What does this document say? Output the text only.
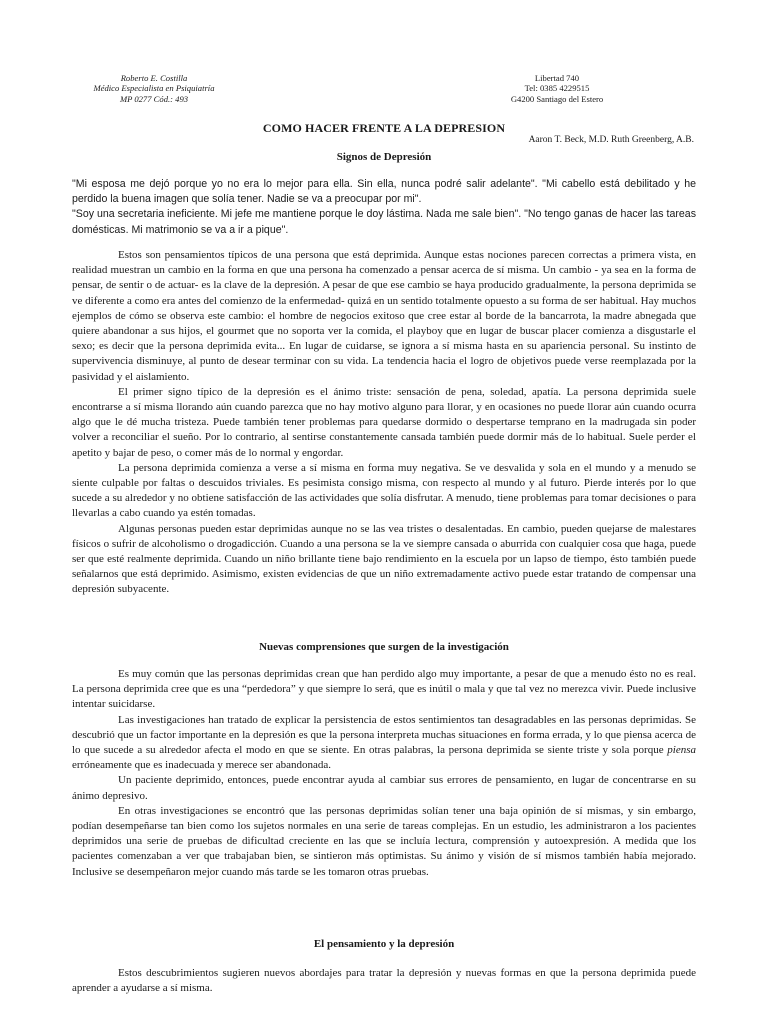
Roberto E. Costilla
Médico Especialista en Psiquiatría
MP 0277 Cód.: 493
Libertad 740
Tel: 0385 4229515
G4200 Santiago del Estero
COMO HACER FRENTE A LA DEPRESION
Aaron T. Beck, M.D. Ruth Greenberg, A.B.
Signos de Depresión

"Mi esposa me dejó porque yo no era lo mejor para ella. Sin ella, nunca podré salir adelante". "Mi cabello está debilitado y he perdido la buena imagen que solía tener. Nadie se va a preocupar por mi".

"Soy una secretaria ineficiente. Mi jefe me mantiene porque le doy lástima. Nada me sale bien". "No tengo ganas de hacer las tareas domésticas. Mi matrimonio se va a ir a pique".

Estos son pensamientos típicos de una persona que está deprimida. Aunque estas nociones parecen correctas a primera vista, en realidad muestran un cambio en la forma en que una persona ha comenzado a pensar acerca de sí misma. Un cambio - ya sea en la forma de pensar, de sentir o de actuar- es la clave de la depresión. A pesar de que ese cambio se haya producido gradualmente, la persona deprimida se ve diferente a como era antes del comienzo de la enfermedad- quizá en un sentido totalmente opuesto a su forma de ser habitual. Hay muchos ejemplos de cómo se observa este cambio: el hombre de negocios exitoso que cree estar al borde de la bancarrota, la madre abnegada que quiere abandonar a sus hijos, el gourmet que no soporta ver la comida, el playboy que en lugar de buscar placer comienza a disgustarle el sexo; es decir que la persona deprimida evita... En lugar de cuidarse, se ignora a sí misma hasta en su apariencia personal. Su instinto de supervivencia disminuye, al punto de desear terminar con su vida. La tendencia hacia el logro de objetivos puede verse reemplazada por la pasividad y el aislamiento.

El primer signo típico de la depresión es el ánimo triste: sensación de pena, soledad, apatía. La persona deprimida suele encontrarse a sí misma llorando aún cuando parezca que no hay motivo alguno para llorar, y en ocasiones no puede llorar aún cuando ocurra algo que le dé mucha tristeza. Puede también tener problemas para quedarse dormido o despertarse temprano en la madrugada sin poder volver a reconciliar el sueño. Por lo contrario, al sentirse constantemente cansada también puede dormir más de lo habitual. Suele perder el apetito y bajar de peso, o comer más de lo normal y engordar.

La persona deprimida comienza a verse a sí misma en forma muy negativa. Se ve desvalida y sola en el mundo y a menudo se siente culpable por faltas o descuidos triviales. Es pesimista consigo misma, con respecto al mundo y al futuro. Pierde interés por lo que sucede a su alrededor y no obtiene satisfacción de las actividades que solía disfrutar. A menudo, tiene problemas para tomar decisiones o para llevarlas a cabo cuando ya estén tomadas.

Algunas personas pueden estar deprimidas aunque no se las vea tristes o desalentadas. En cambio, pueden quejarse de malestares físicos o sufrir de alcoholismo o drogadicción. Cuando a una persona se la ve siempre cansada o aburrida con cualquier cosa que haga, puede ser que esté realmente deprimida. Cuando un niño brillante tiene bajo rendimiento en la escuela por un lapso de tiempo, ésto también puede señalarnos que está deprimido. Asimismo, existen evidencias de que un niño extremadamente activo puede estar tratando de compensar una depresión subyacente.

Nuevas comprensiones que surgen de la investigación

Es muy común que las personas deprimidas crean que han perdido algo muy importante, a pesar de que a menudo ésto no es real. La persona deprimida cree que es una “perdedora” y que siempre lo será, que es inútil o mala y que tal vez no merezca vivir. Puede inclusive intentar suicidarse.

Las investigaciones han tratado de explicar la persistencia de estos sentimientos tan desagradables en las personas deprimidas. Se descubrió que un factor importante en la depresión es que la persona interpreta muchas situaciones en forma errada, y lo que piensa acerca de lo que sucede a su alrededor afecta el modo en que se siente. En otras palabras, la persona deprimida se siente triste y sola porque piensa erróneamente que es inadecuada y merece ser abandonada.

Un paciente deprimido, entonces, puede encontrar ayuda al cambiar sus errores de pensamiento, en lugar de concentrarse en su ánimo depresivo.

En otras investigaciones se encontró que las personas deprimidas solían tener una baja opinión de sí mismas, y sin embargo, podían desempeñarse tan bien como los sujetos normales en una serie de tareas complejas. En un estudio, les administraron a los pacientes deprimidos una serie de pruebas de dificultad creciente en las que se incluía lectura, comprensión y autoexpresión. A medida que los pacientes comenzaban a ver que trabajaban bien, se sintieron más optimistas. Su ánimo y visión de sí mismos también había mejorado. Inclusive se desempeñaron mejor cuando más tarde se les tomaron otras pruebas.

El pensamiento y la depresión

Estos descubrimientos sugieren nuevos abordajes para tratar la depresión y nuevas formas en que la persona deprimida puede aprender a ayudarse a sí misma.
